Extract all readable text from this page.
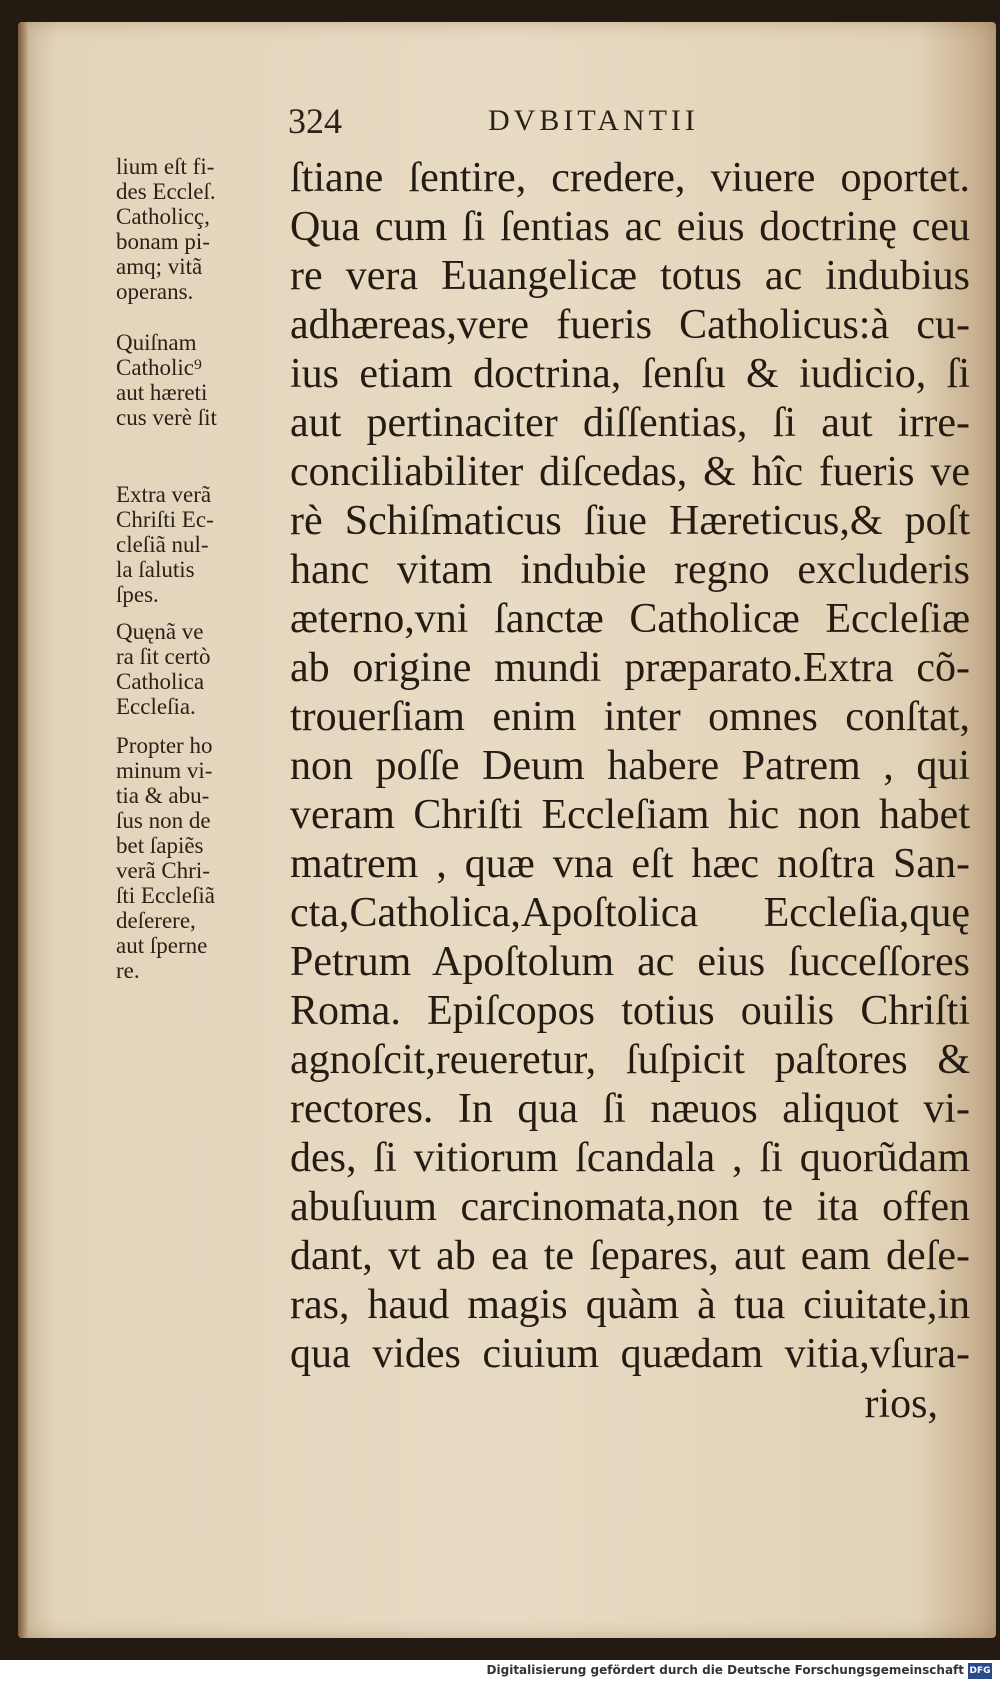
324	DVBITANTII

lium eſt fi-
des Eccleſ.
Catholicç,
bonam pi-
amq; vitã
operans.

Quiſnam
Catholic⁹
aut hæreti
cus verè ſit

Extra verã
Chriſti Ec-
cleſiã nul-
la ſalutis
ſpes.

Quęnã ve
ra ſit certò
Catholica
Eccleſia.

Propter ho
minum vi-
tia & abu-
ſus non de
bet ſapiẽs
verã Chri-
ſti Eccleſiã
deſerere,
aut ſperne
re.

ſtiane ſentire, credere, viuere oportet.
Qua cum ſi ſentias ac eius doctrinę ceu
re vera Euangelicæ totus ac indubius
adhæreas,vere fueris Catholicus:à cu-
ius etiam doctrina, ſenſu & iudicio, ſi
aut pertinaciter diſſentias, ſi aut irre-
conciliabiliter diſcedas, & hîc fueris ve
rè Schiſmaticus ſiue Hæreticus,& poſt
hanc vitam indubie regno excluderis
æterno,vni ſanctæ Catholicæ Eccleſiæ
ab origine mundi præparato.Extra cõ-
trouerſiam enim inter omnes conſtat,
non poſſe Deum habere Patrem , qui
veram Chriſti Eccleſiam hic non habet
matrem , quæ vna eſt hæc noſtra San-
cta,Catholica,Apoſtolica Eccleſia,quę
Petrum Apoſtolum ac eius ſucceſſores
Roma. Epiſcopos totius ouilis Chriſti
agnoſcit,reueretur, ſuſpicit paſtores &
rectores. In qua ſi næuos aliquot vi-
des, ſi vitiorum ſcandala , ſi quorũdam
abuſuum carcinomata,non te ita offen
dant, vt ab ea te ſepares, aut eam deſe-
ras, haud magis quàm à tua ciuitate,in
qua vides ciuium quædam vitia,vſura-
rios,
Digitalisierung gefördert durch die Deutsche Forschungsgemeinschaft DFG
